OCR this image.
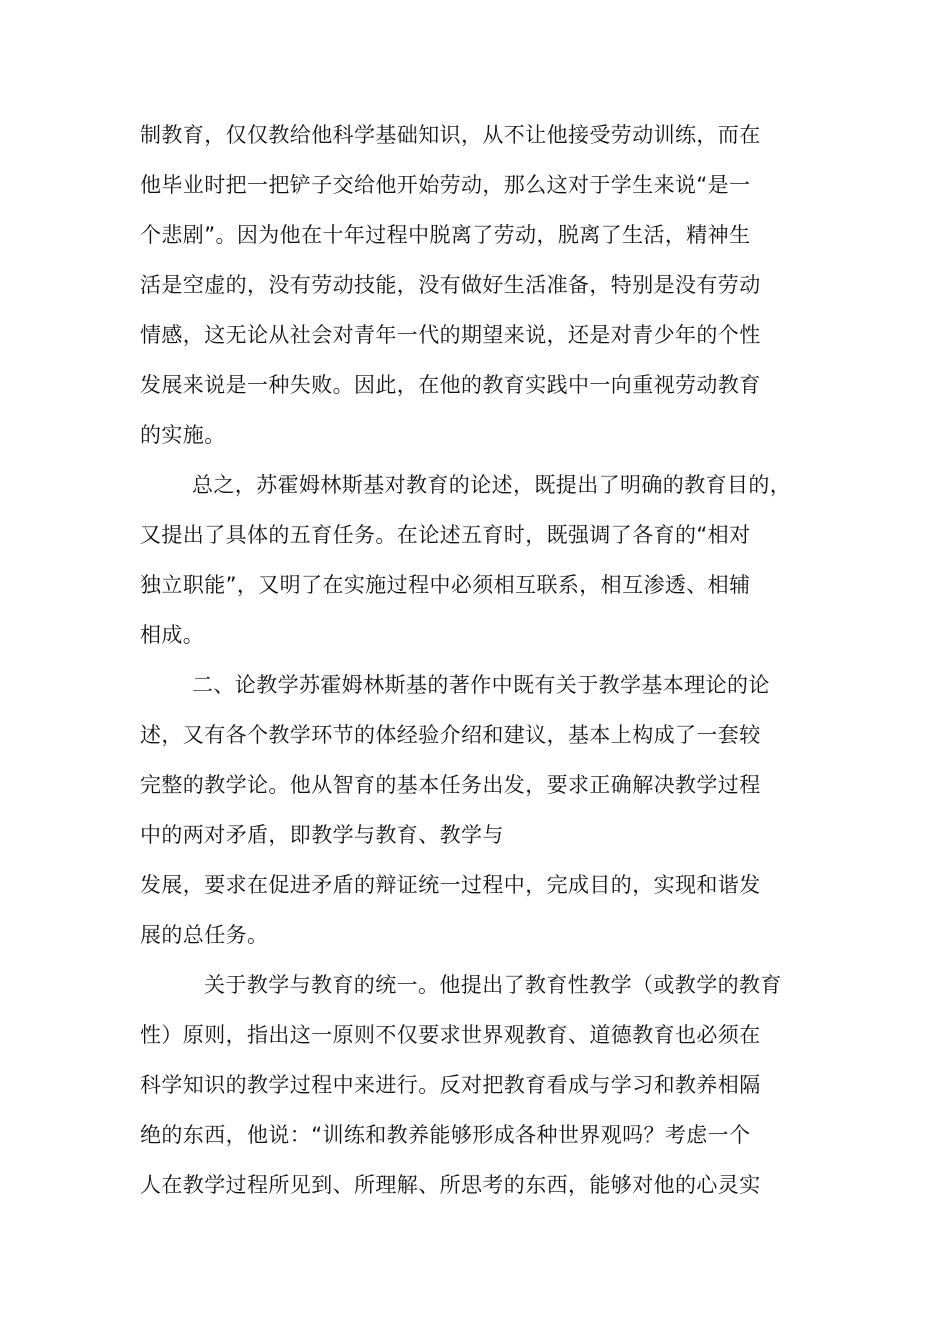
制教育，仅仅教给他科学基础知识，从不让他接受劳动训练，而在
他毕业时把一把铲子交给他开始劳动，那么这对于学生来说“是一
个悲剧”。因为他在十年过程中脱离了劳动，脱离了生活，精神生
活是空虚的，没有劳动技能，没有做好生活准备，特别是没有劳动
情感，这无论从社会对青年一代的期望来说，还是对青少年的个性
发展来说是一种失败。因此，在他的教育实践中一向重视劳动教育
的实施。
总之，苏霍姆林斯基对教育的论述，既提出了明确的教育目的，
又提出了具体的五育任务。在论述五育时，既强调了各育的“相对
独立职能”，又明了在实施过程中必须相互联系，相互渗透、相辅
相成。
二、论教学苏霍姆林斯基的著作中既有关于教学基本理论的论
述，又有各个教学环节的体经验介绍和建议，基本上构成了一套较
完整的教学论。他从智育的基本任务出发，要求正确解决教学过程
中的两对矛盾，即教学与教育、教学与
发展，要求在促进矛盾的辩证统一过程中，完成目的，实现和谐发
展的总任务。
关于教学与教育的统一。他提出了教育性教学（或教学的教育
性）原则，指出这一原则不仅要求世界观教育、道德教育也必须在
科学知识的教学过程中来进行。反对把教育看成与学习和教养相隔
绝的东西，他说：“训练和教养能够形成各种世界观吗？考虑一个
人在教学过程所见到、所理解、所思考的东西，能够对他的心灵实
